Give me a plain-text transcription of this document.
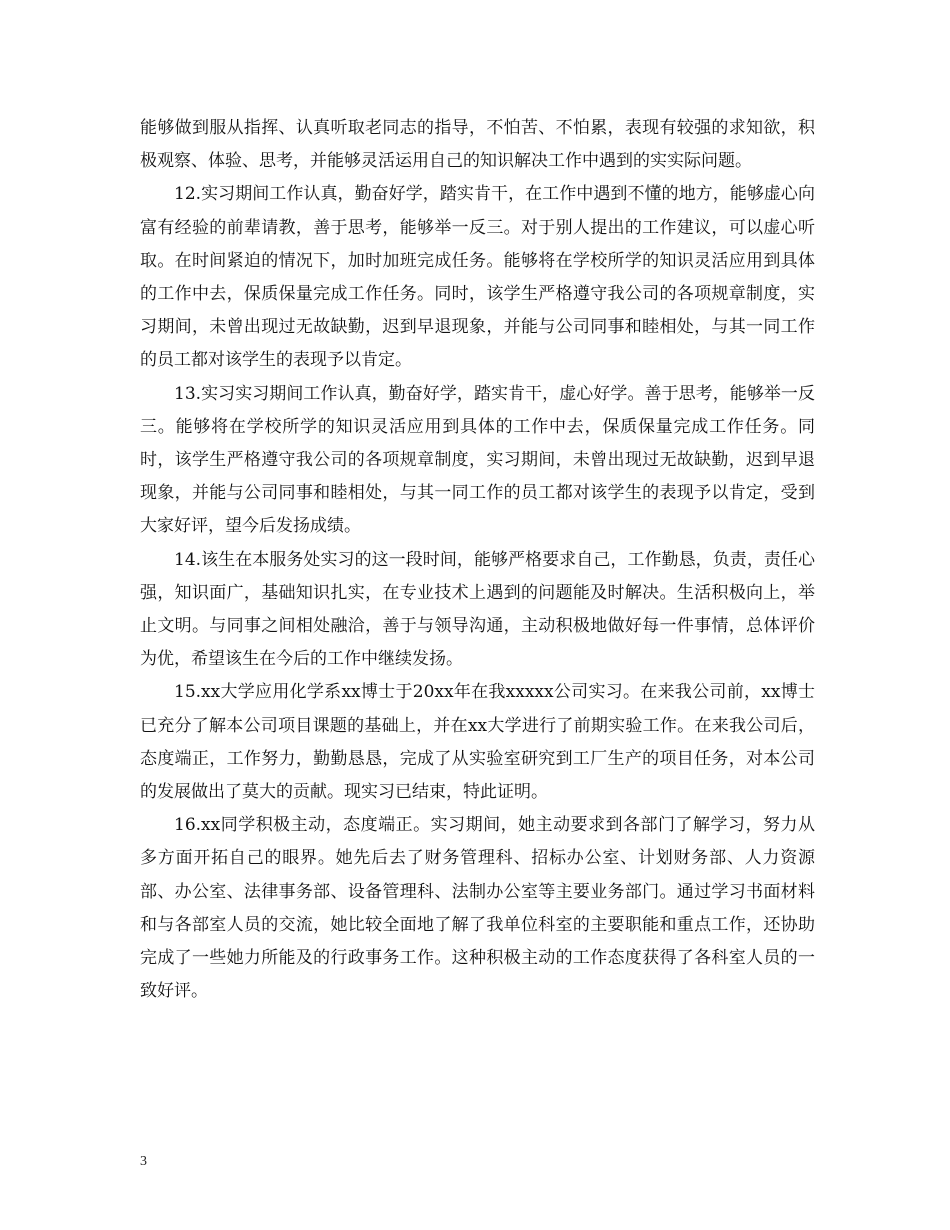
能够做到服从指挥、认真听取老同志的指导，不怕苦、不怕累，表现有较强的求知欲，积极观察、体验、思考，并能够灵活运用自己的知识解决工作中遇到的实实际问题。

12.实习期间工作认真，勤奋好学，踏实肯干，在工作中遇到不懂的地方，能够虚心向富有经验的前辈请教，善于思考，能够举一反三。对于别人提出的工作建议，可以虚心听取。在时间紧迫的情况下，加时加班完成任务。能够将在学校所学的知识灵活应用到具体的工作中去，保质保量完成工作任务。同时，该学生严格遵守我公司的各项规章制度，实习期间，未曾出现过无故缺勤，迟到早退现象，并能与公司同事和睦相处，与其一同工作的员工都对该学生的表现予以肯定。

13.实习实习期间工作认真，勤奋好学，踏实肯干，虚心好学。善于思考，能够举一反三。能够将在学校所学的知识灵活应用到具体的工作中去，保质保量完成工作任务。同时，该学生严格遵守我公司的各项规章制度，实习期间，未曾出现过无故缺勤，迟到早退现象，并能与公司同事和睦相处，与其一同工作的员工都对该学生的表现予以肯定，受到大家好评，望今后发扬成绩。

14.该生在本服务处实习的这一段时间，能够严格要求自己，工作勤恳，负责，责任心强，知识面广，基础知识扎实，在专业技术上遇到的问题能及时解决。生活积极向上，举止文明。与同事之间相处融洽，善于与领导沟通，主动积极地做好每一件事情，总体评价为优，希望该生在今后的工作中继续发扬。

15.xx大学应用化学系xx博士于20xx年在我xxxxx公司实习。在来我公司前，xx博士已充分了解本公司项目课题的基础上，并在xx大学进行了前期实验工作。在来我公司后，态度端正，工作努力，勤勤恳恳，完成了从实验室研究到工厂生产的项目任务，对本公司的发展做出了莫大的贡献。现实习已结束，特此证明。

16.xx同学积极主动，态度端正。实习期间，她主动要求到各部门了解学习，努力从多方面开拓自己的眼界。她先后去了财务管理科、招标办公室、计划财务部、人力资源部、办公室、法律事务部、设备管理科、法制办公室等主要业务部门。通过学习书面材料和与各部室人员的交流，她比较全面地了解了我单位科室的主要职能和重点工作，还协助完成了一些她力所能及的行政事务工作。这种积极主动的工作态度获得了各科室人员的一致好评。

3
